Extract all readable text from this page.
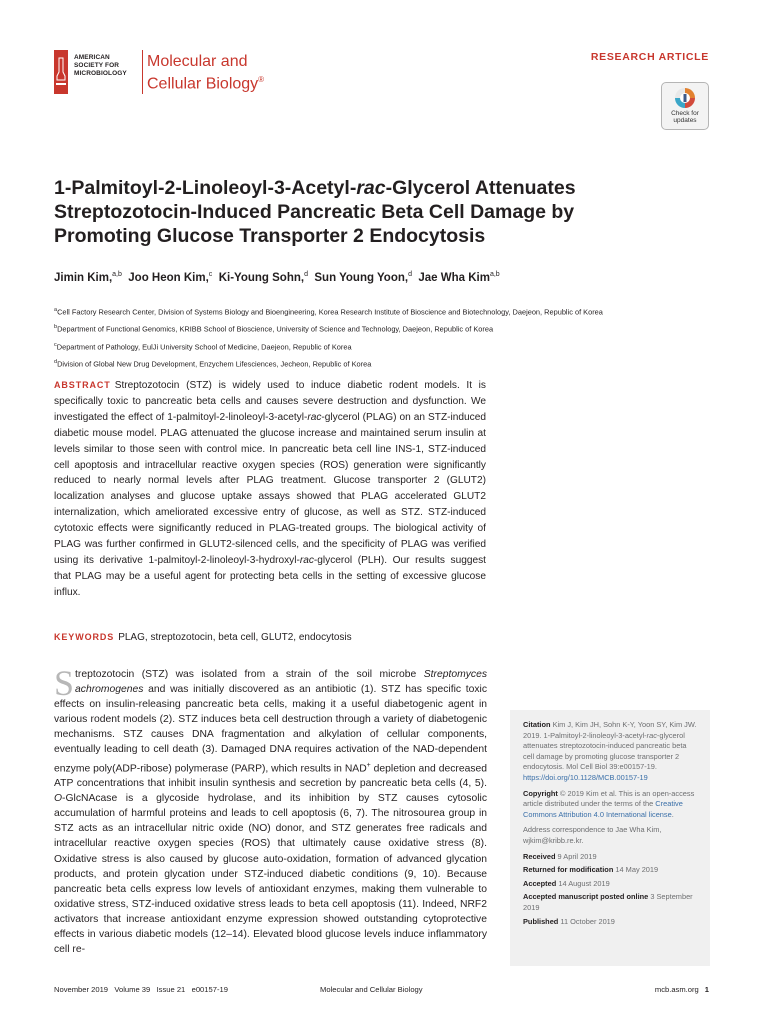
AMERICAN
SOCIETY FOR
MICROBIOLOGY
Molecular and
Cellular Biology®
RESEARCH ARTICLE
Check for
updates
1-Palmitoyl-2-Linoleoyl-3-Acetyl-rac-Glycerol Attenuates
Streptozotocin-Induced Pancreatic Beta Cell Damage by
Promoting Glucose Transporter 2 Endocytosis
Jimin Kim,$^{a,b}$ Joo Heon Kim,$^c$ Ki-Young Sohn,$^d$ Sun Young Yoon,$^d$ Jae Wha Kim$^{a,b}$
$^a$Cell Factory Research Center, Division of Systems Biology and Bioengineering, Korea Research Institute of Bioscience and Biotechnology, Daejeon, Republic of Korea
$^b$Department of Functional Genomics, KRIBB School of Bioscience, University of Science and Technology, Daejeon, Republic of Korea
$^c$Department of Pathology, EulJi University School of Medicine, Daejeon, Republic of Korea
$^d$Division of Global New Drug Development, Enzychem Lifesciences, Jecheon, Republic of Korea
ABSTRACT Streptozotocin (STZ) is widely used to induce diabetic rodent models. It is specifically toxic to pancreatic beta cells and causes severe destruction and dysfunction. We investigated the effect of 1-palmitoyl-2-linoleoyl-3-acetyl-rac-glycerol (PLAG) on an STZ-induced diabetic mouse model. PLAG attenuated the glucose increase and maintained serum insulin at levels similar to those seen with control mice. In pancreatic beta cell line INS-1, STZ-induced cell apoptosis and intracellular reactive oxygen species (ROS) generation were significantly reduced to nearly normal levels after PLAG treatment. Glucose transporter 2 (GLUT2) localization analyses and glucose uptake assays showed that PLAG accelerated GLUT2 internalization, which ameliorated excessive entry of glucose, as well as STZ. STZ-induced cytotoxic effects were significantly reduced in PLAG-treated groups. The biological activity of PLAG was further confirmed in GLUT2-silenced cells, and the specificity of PLAG was verified using its derivative 1-palmitoyl-2-linoleoyl-3-hydroxyl-rac-glycerol (PLH). Our results suggest that PLAG may be a useful agent for protecting beta cells in the setting of excessive glucose influx.
KEYWORDS PLAG, streptozotocin, beta cell, GLUT2, endocytosis
Streptozotocin (STZ) was isolated from a strain of the soil microbe Streptomyces achromogenes and was initially discovered as an antibiotic (1). STZ has specific toxic effects on insulin-releasing pancreatic beta cells, making it a useful diabetogenic agent in various rodent models (2). STZ induces beta cell destruction through a variety of diabetogenic mechanisms. STZ causes DNA fragmentation and alkylation of cellular components, eventually leading to cell death (3). Damaged DNA requires activation of the NAD-dependent enzyme poly(ADP-ribose) polymerase (PARP), which results in NAD+ depletion and decreased ATP concentrations that inhibit insulin synthesis and secretion by pancreatic beta cells (4, 5). O-GlcNAcase is a glycoside hydrolase, and its inhibition by STZ causes cytosolic accumulation of harmful proteins and leads to cell apoptosis (6, 7). The nitrosourea group in STZ acts as an intracellular nitric oxide (NO) donor, and STZ generates free radicals and intracellular reactive oxygen species (ROS) that ultimately cause oxidative stress (8). Oxidative stress is also caused by glucose auto-oxidation, formation of advanced glycation products, and protein glycation under STZ-induced diabetic conditions (9, 10). Because pancreatic beta cells express low levels of antioxidant enzymes, making them vulnerable to oxidative stress, STZ-induced oxidative stress leads to beta cell apoptosis (11). Indeed, NRF2 activators that increase antioxidant enzyme expression showed outstanding cytoprotective effects in various diabetic models (12–14). Elevated blood glucose levels induce inflammatory cell re-

Citation Kim J, Kim JH, Sohn K-Y, Yoon SY, Kim JW. 2019. 1-Palmitoyl-2-linoleoyl-3-acetyl-rac-glycerol attenuates streptozotocin-induced pancreatic beta cell damage by promoting glucose transporter 2 endocytosis. Mol Cell Biol 39:e00157-19. https://doi.org/10.1128/MCB.00157-19

Copyright © 2019 Kim et al. This is an open-access article distributed under the terms of the Creative Commons Attribution 4.0 International license.

Address correspondence to Jae Wha Kim, wjkim@kribb.re.kr.

Received 9 April 2019

Returned for modification 14 May 2019

Accepted 14 August 2019

Accepted manuscript posted online 3 September 2019

Published 11 October 2019

November 2019   Volume 39   Issue 21   e00157-19	Molecular and Cellular Biology	mcb.asm.org 1
